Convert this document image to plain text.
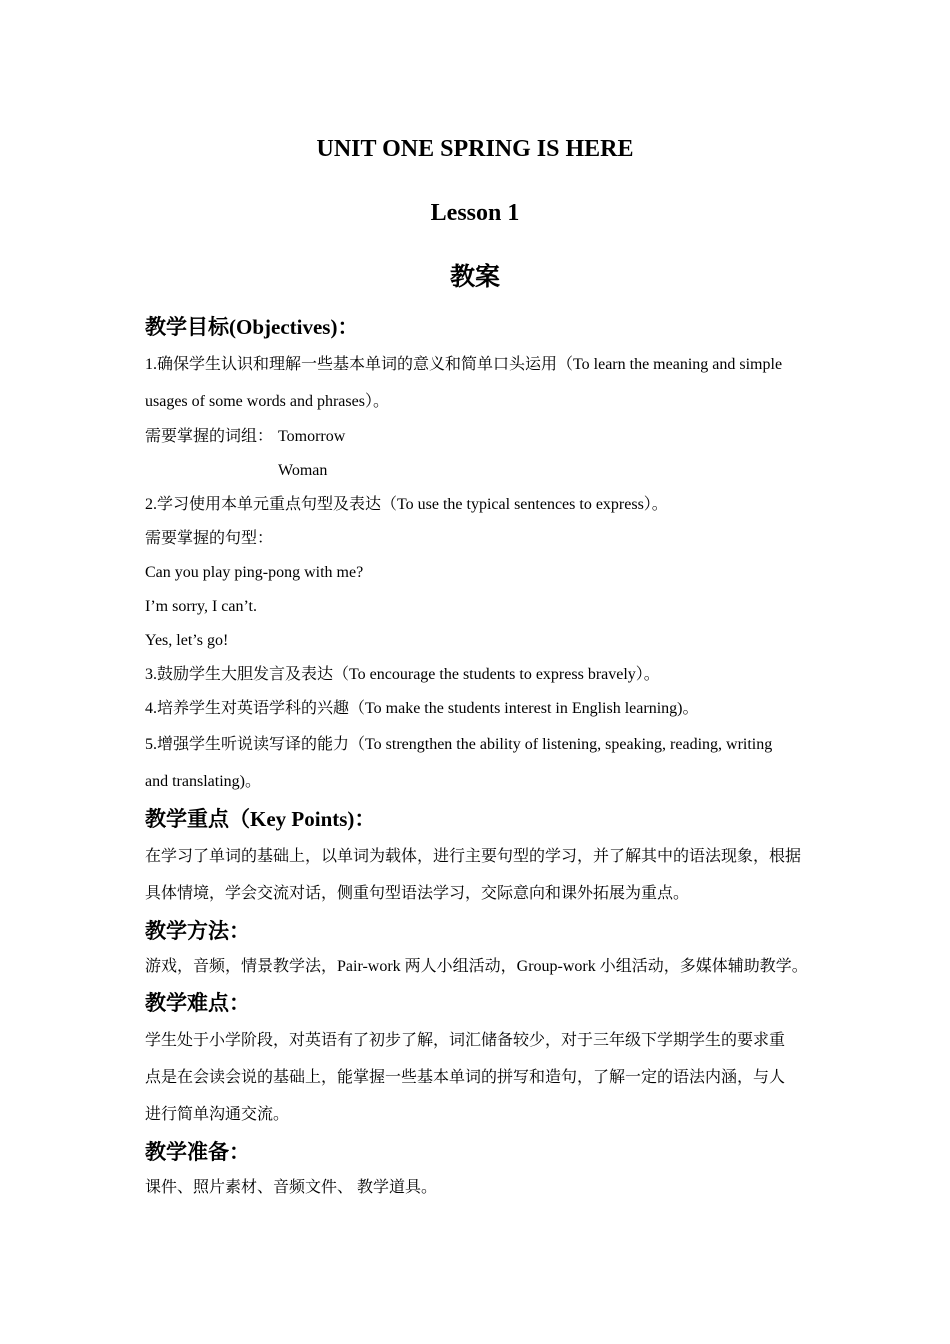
UNIT ONE SPRING IS HERE
Lesson 1
教案
教学目标(Objectives)：

1.确保学生认识和理解一些基本单词的意义和简单口头运用（To learn the meaning and simple

usages of some words and phrases）。

需要掌握的词组： Tomorrow

Woman

2.学习使用本单元重点句型及表达（To use the typical sentences to express）。

需要掌握的句型：

Can you play ping-pong with me?

I’m sorry, I can’t.

Yes, let’s go!

3.鼓励学生大胆发言及表达（To encourage the students to express bravely）。

4.培养学生对英语学科的兴趣（To make the students interest in English learning)。

5.增强学生听说读写译的能力（To strengthen the ability of listening, speaking, reading, writing

and translating)。

教学重点（Key Points)：

在学习了单词的基础上，以单词为载体，进行主要句型的学习，并了解其中的语法现象，根据

具体情境，学会交流对话，侧重句型语法学习，交际意向和课外拓展为重点。

教学方法：

游戏，音频，情景教学法，Pair-work 两人小组活动，Group-work 小组活动，多媒体辅助教学。

教学难点：

学生处于小学阶段，对英语有了初步了解，词汇储备较少，对于三年级下学期学生的要求重

点是在会读会说的基础上，能掌握一些基本单词的拼写和造句，了解一定的语法内涵，与人

进行简单沟通交流。

教学准备：

课件、照片素材、音频文件、 教学道具。
